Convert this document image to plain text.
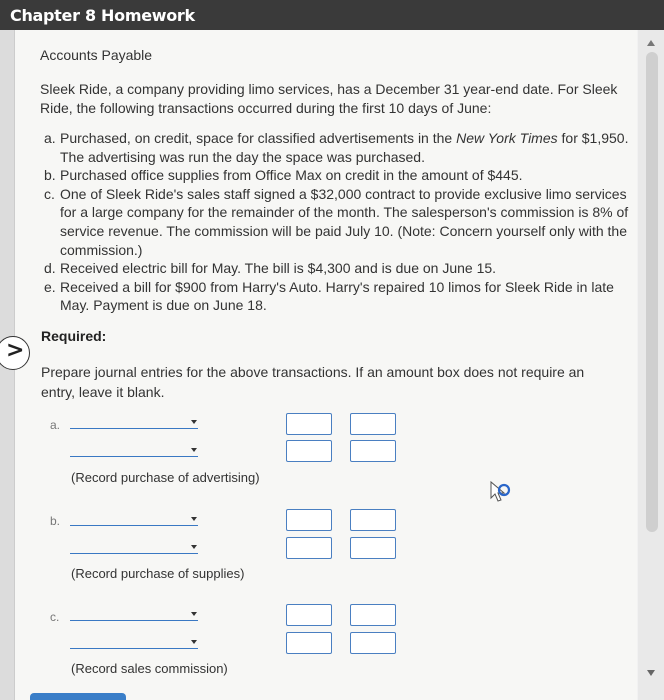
Chapter 8 Homework
Accounts Payable
Sleek Ride, a company providing limo services, has a December 31 year-end date. For Sleek Ride, the following transactions occurred during the first 10 days of June:
a. Purchased, on credit, space for classified advertisements in the New York Times for $1,950. The advertising was run the day the space was purchased.
b. Purchased office supplies from Office Max on credit in the amount of $445.
c. One of Sleek Ride's sales staff signed a $32,000 contract to provide exclusive limo services for a large company for the remainder of the month. The salesperson's commission is 8% of service revenue. The commission will be paid July 10. (Note: Concern yourself only with the commission.)
d. Received electric bill for May. The bill is $4,300 and is due on June 15.
e. Received a bill for $900 from Harry's Auto. Harry's repaired 10 limos for Sleek Ride in late May. Payment is due on June 18.
Required:
>
Prepare journal entries for the above transactions. If an amount box does not require an entry, leave it blank.
a.
(Record purchase of advertising)
b.
(Record purchase of supplies)
c.
(Record sales commission)
